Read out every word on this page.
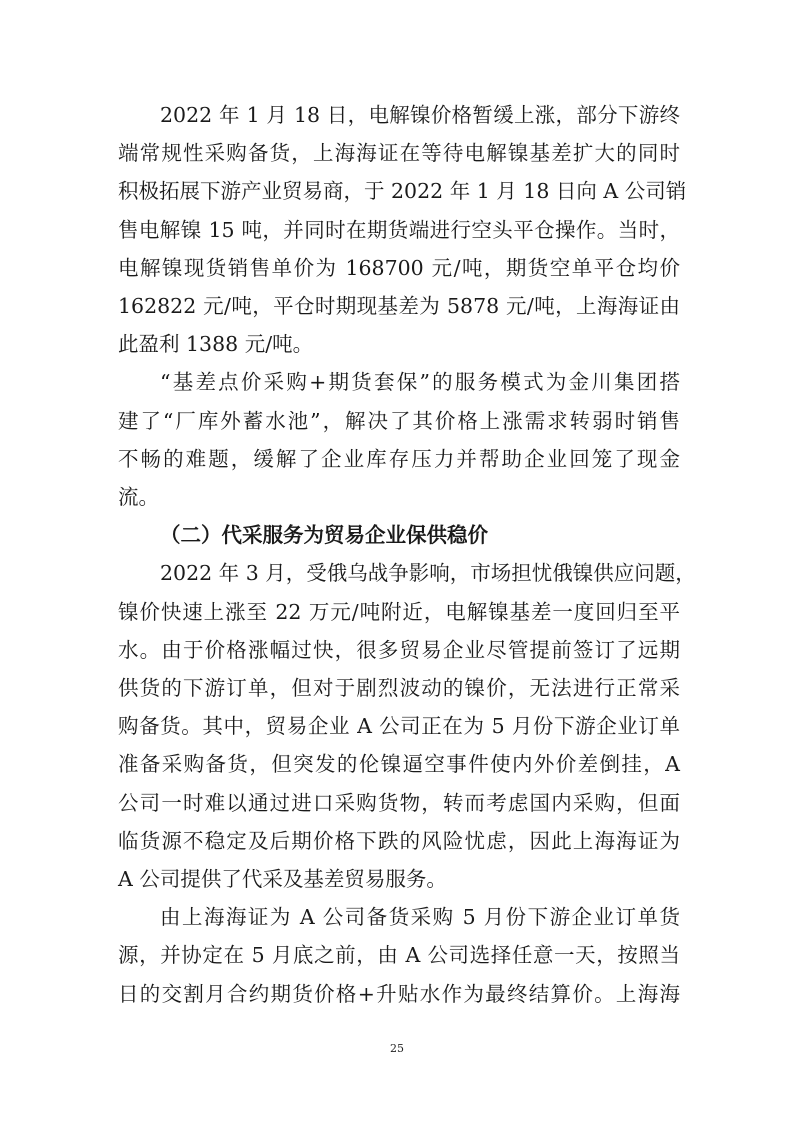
2022 年 1 月 18 日，电解镍价格暂缓上涨，部分下游终
端常规性采购备货，上海海证在等待电解镍基差扩大的同时
积极拓展下游产业贸易商，于 2022 年 1 月 18 日向 A 公司销
售电解镍 15 吨，并同时在期货端进行空头平仓操作。当时，
电解镍现货销售单价为 168700 元/吨，期货空单平仓均价
162822 元/吨，平仓时期现基差为 5878 元/吨，上海海证由
此盈利 1388 元/吨。
“基差点价采购+期货套保”的服务模式为金川集团搭
建了“厂库外蓄水池”，解决了其价格上涨需求转弱时销售
不畅的难题，缓解了企业库存压力并帮助企业回笼了现金
流。
（二）代采服务为贸易企业保供稳价
2022 年 3 月，受俄乌战争影响，市场担忧俄镍供应问题，
镍价快速上涨至 22 万元/吨附近，电解镍基差一度回归至平
水。由于价格涨幅过快，很多贸易企业尽管提前签订了远期
供货的下游订单，但对于剧烈波动的镍价，无法进行正常采
购备货。其中，贸易企业 A 公司正在为 5 月份下游企业订单
准备采购备货，但突发的伦镍逼空事件使内外价差倒挂，A
公司一时难以通过进口采购货物，转而考虑国内采购，但面
临货源不稳定及后期价格下跌的风险忧虑，因此上海海证为
A 公司提供了代采及基差贸易服务。
由上海海证为 A 公司备货采购 5 月份下游企业订单货
25
源，并协定在 5 月底之前，由 A 公司选择任意一天，按照当
日的交割月合约期货价格+升贴水作为最终结算价。上海海
